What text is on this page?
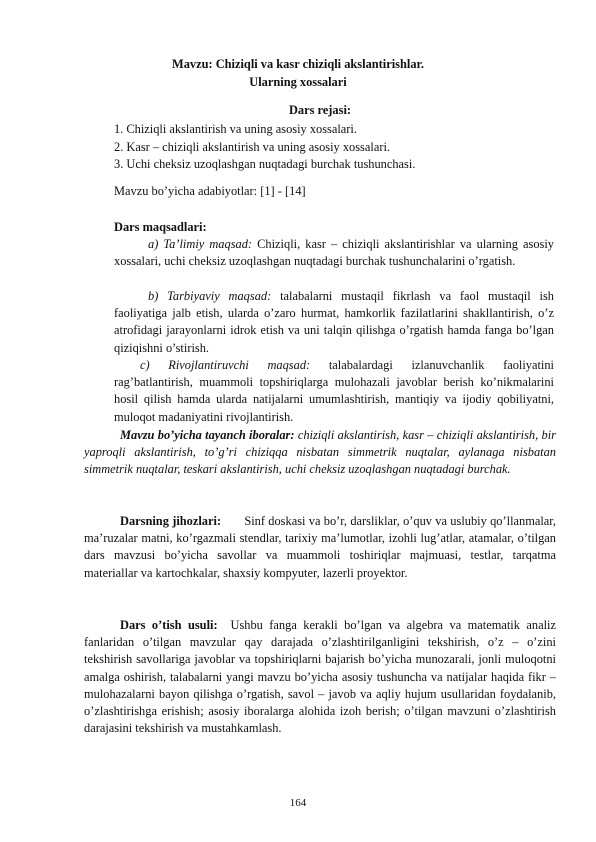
Mavzu: Chiziqli va kasr chiziqli akslantirishlar.
Ularning xossalari
Dars rejasi:
1. Chiziqli akslantirish va uning asosiy xossalari.
2. Kasr – chiziqli akslantirish va uning asosiy xossalari.
3. Uchi cheksiz uzoqlashgan nuqtadagi burchak tushunchasi.
Mavzu bo’yicha adabiyotlar: [1] - [14]
Dars maqsadlari:
a) Ta’limiy maqsad: Chiziqli, kasr – chiziqli akslantirishlar va ularning asosiy xossalari, uchi cheksiz uzoqlashgan nuqtadagi burchak tushunchalarini o’rgatish.
b) Tarbiyaviy maqsad: talabalarni mustaqil fikrlash va faol mustaqil ish faoliyatiga jalb etish, ularda o’zaro hurmat, hamkorlik fazilatlarini shakllantirish, o’z atrofidagi jarayonlarni idrok etish va uni talqin qilishga o’rgatish hamda fanga bo’lgan qiziqishni o’stirish.
c) Rivojlantiruvchi maqsad: talabalardagi izlanuvchanlik faoliyatini rag’batlantirish, muammoli topshiriqlarga mulohazali javoblar berish ko’nikmalarini hosil qilish hamda ularda natijalarni umumlashtirish, mantiqiy va ijodiy qobiliyatni, muloqot madaniyatini rivojlantirish.
Mavzu bo’yicha tayanch iboralar: chiziqli akslantirish, kasr – chiziqli akslantirish, bir yaproqli akslantirish, to’g’ri chiziqqa nisbatan simmetrik nuqtalar, aylanaga nisbatan simmetrik nuqtalar, teskari akslantirish, uchi cheksiz uzoqlashgan nuqtadagi burchak.
Darsning jihozlari: Sinf doskasi va bo’r, darsliklar, o’quv va uslubiy qo’llanmalar, ma’ruzalar matni, ko’rgazmali stendlar, tarixiy ma’lumotlar, izohli lug’atlar, atamalar, o’tilgan dars mavzusi bo’yicha savollar va muammoli toshiriqlar majmuasi, testlar, tarqatma materiallar va kartochkalar, shaxsiy kompyuter, lazerli proyektor.
Dars o’tish usuli: Ushbu fanga kerakli bo’lgan va algebra va matematik analiz fanlaridan o’tilgan mavzular qay darajada o’zlashtirilganligini tekshirish, o’z – o’zini tekshirish savollariga javoblar va topshiriqlarni bajarish bo’yicha munozarali, jonli muloqotni amalga oshirish, talabalarni yangi mavzu bo’yicha asosiy tushuncha va natijalar haqida fikr – mulohazalarni bayon qilishga o’rgatish, savol – javob va aqliy hujum usullaridan foydalanib, o’zlashtirishga erishish; asosiy iboralarga alohida izoh berish; o’tilgan mavzuni o’zlashtirish darajasini tekshirish va mustahkamlash.
164
